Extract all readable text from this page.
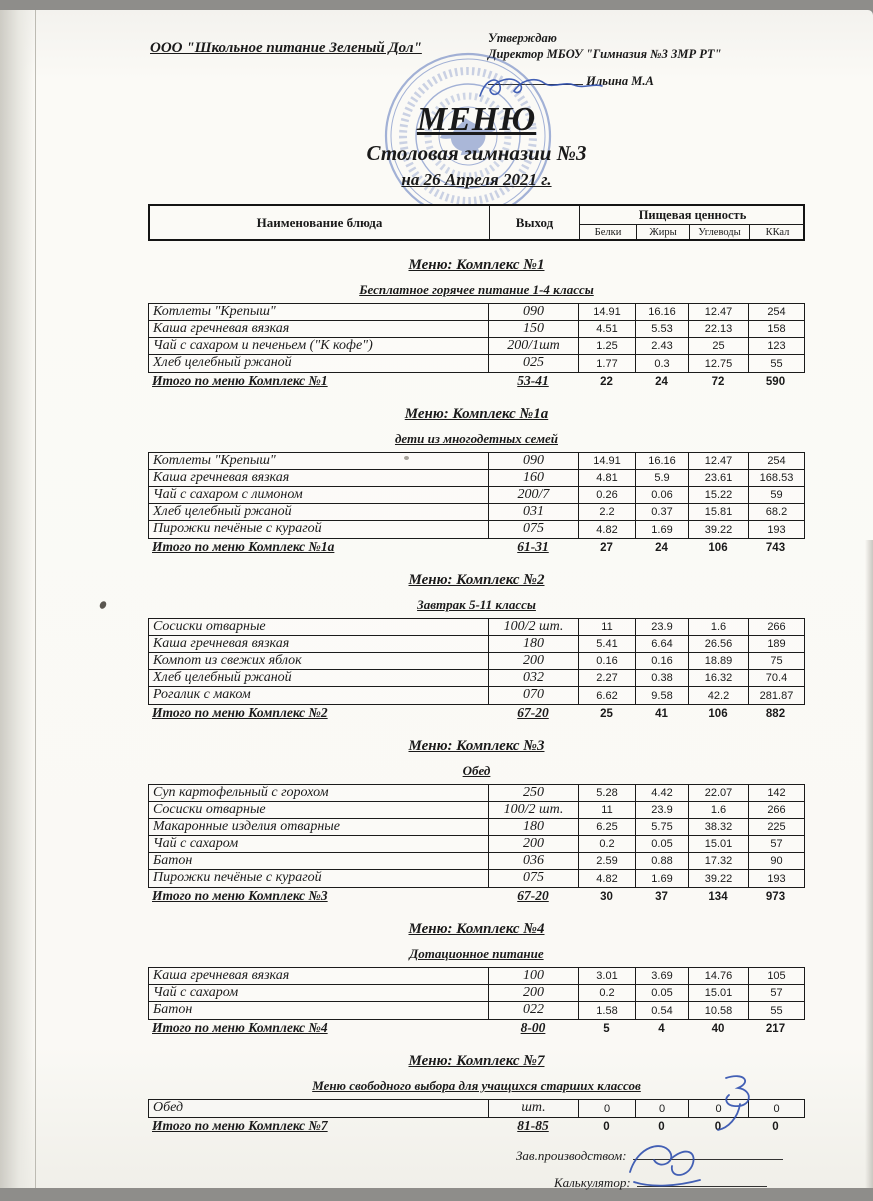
ООО "Школьное питание Зеленый Дол"
Утверждаю
Директор МБОУ "Гимназия №3 ЗМР РТ"
Ильина М.А
МЕНЮ
Столовая гимназии №3
на 26 Апреля 2021 г.
Наименование блюда	Выход	Пищевая ценность
Белки	Жиры	Углеводы	ККал
Меню: Комплекс №1
Бесплатное горячее питание 1-4 классы
Котлеты "Крепыш"	090	14.91	16.16	12.47	254
Каша гречневая вязкая	150	4.51	5.53	22.13	158
Чай с сахаром и печеньем ("К кофе")	200/1шт	1.25	2.43	25	123
Хлеб целебный ржаной	025	1.77	0.3	12.75	55
Итого по меню Комплекс №1	53-41	22	24	72	590
Меню: Комплекс №1а
дети из многодетных семей
Котлеты "Крепыш"	090	14.91	16.16	12.47	254
Каша гречневая вязкая	160	4.81	5.9	23.61	168.53
Чай с сахаром с лимоном	200/7	0.26	0.06	15.22	59
Хлеб целебный ржаной	031	2.2	0.37	15.81	68.2
Пирожки печёные с курагой	075	4.82	1.69	39.22	193
Итого по меню Комплекс №1а	61-31	27	24	106	743
Меню: Комплекс №2
Завтрак 5-11 классы
Сосиски отварные	100/2 шт.	11	23.9	1.6	266
Каша гречневая вязкая	180	5.41	6.64	26.56	189
Компот из свежих яблок	200	0.16	0.16	18.89	75
Хлеб целебный ржаной	032	2.27	0.38	16.32	70.4
Рогалик с маком	070	6.62	9.58	42.2	281.87
Итого по меню Комплекс №2	67-20	25	41	106	882
Меню: Комплекс №3
Обед
Суп картофельный с горохом	250	5.28	4.42	22.07	142
Сосиски отварные	100/2 шт.	11	23.9	1.6	266
Макаронные изделия отварные	180	6.25	5.75	38.32	225
Чай с сахаром	200	0.2	0.05	15.01	57
Батон	036	2.59	0.88	17.32	90
Пирожки печёные с курагой	075	4.82	1.69	39.22	193
Итого по меню Комплекс №3	67-20	30	37	134	973
Меню: Комплекс №4
Дотационное питание
Каша гречневая вязкая	100	3.01	3.69	14.76	105
Чай с сахаром	200	0.2	0.05	15.01	57
Батон	022	1.58	0.54	10.58	55
Итого по меню Комплекс №4	8-00	5	4	40	217
Меню: Комплекс №7
Меню свободного выбора для учащихся старших классов
Обед	шт.	0	0	0	0
Итого по меню Комплекс №7	81-85	0	0	0	0
Зав.производством:
Калькулятор:
